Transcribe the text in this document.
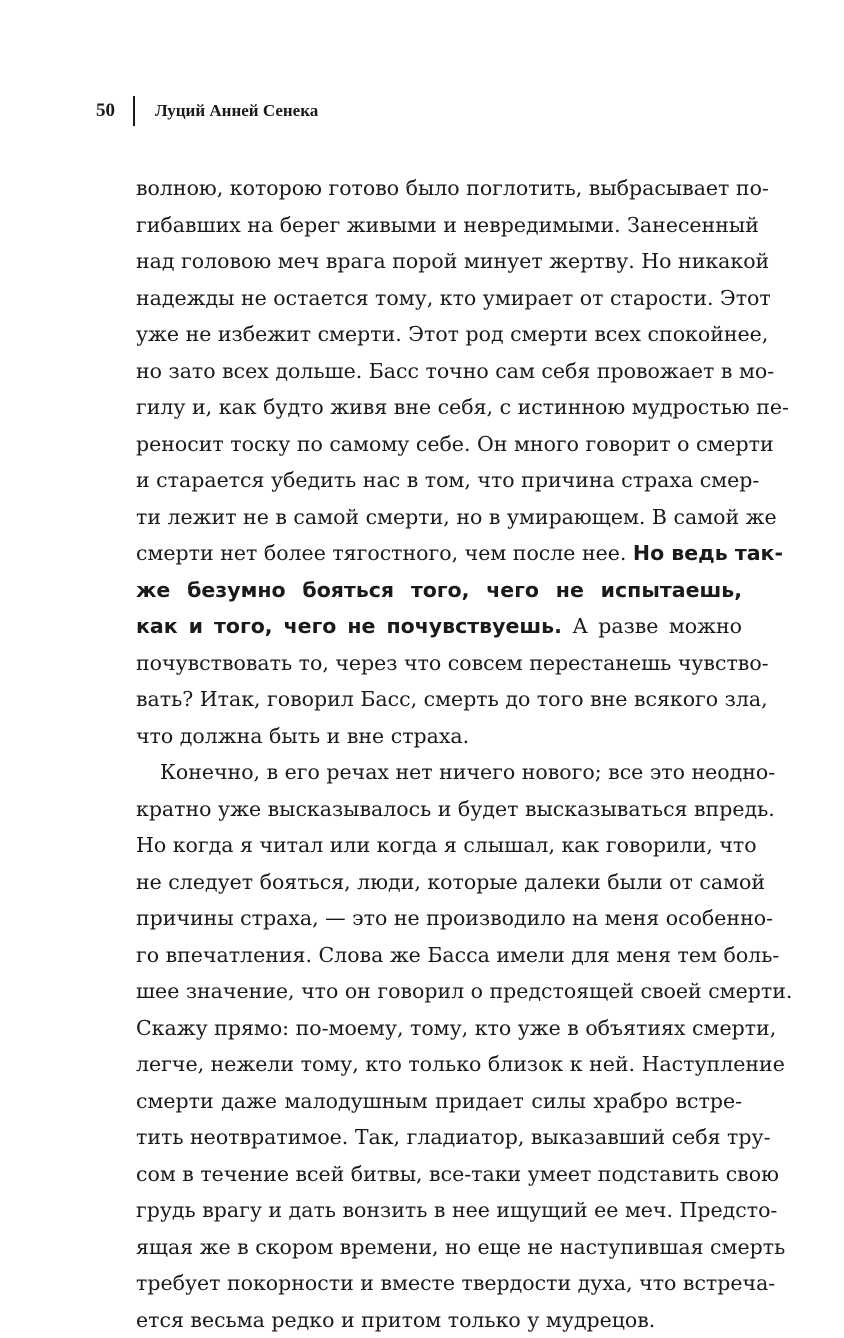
50 Луций Анней Сенека
волною, которою готово было поглотить, выбрасывает по-
гибавших на берег живыми и невредимыми. Занесенный
над головою меч врага порой минует жертву. Но никакой
надежды не остается тому, кто умирает от старости. Этот
уже не избежит смерти. Этот род смерти всех спокойнее,
но зато всех дольше. Басс точно сам себя провожает в мо-
гилу и, как будто живя вне себя, с истинною мудростью пе-
реносит тоску по самому себе. Он много говорит о смерти
и старается убедить нас в том, что причина страха смер-
ти лежит не в самой смерти, но в умирающем. В самой же
смерти нет более тягостного, чем после нее. Но ведь так-
же безумно бояться того, чего не испытаешь,
как и того, чего не почувствуешь. А разве можно
почувствовать то, через что совсем перестанешь чувство-
вать? Итак, говорил Басс, смерть до того вне всякого зла,
что должна быть и вне страха.
Конечно, в его речах нет ничего нового; все это неодно-
кратно уже высказывалось и будет высказываться впредь.
Но когда я читал или когда я слышал, как говорили, что
не следует бояться, люди, которые далеки были от самой
причины страха, — это не производило на меня особенно-
го впечатления. Слова же Басса имели для меня тем боль-
шее значение, что он говорил о предстоящей своей смерти.
Скажу прямо: по-моему, тому, кто уже в объятиях смерти,
легче, нежели тому, кто только близок к ней. Наступление
смерти даже малодушным придает силы храбро встре-
тить неотвратимое. Так, гладиатор, выказавший себя тру-
сом в течение всей битвы, все-таки умеет подставить свою
грудь врагу и дать вонзить в нее ищущий ее меч. Предсто-
ящая же в скором времени, но еще не наступившая смерть
требует покорности и вместе твердости духа, что встреча-
ется весьма редко и притом только у мудрецов.
